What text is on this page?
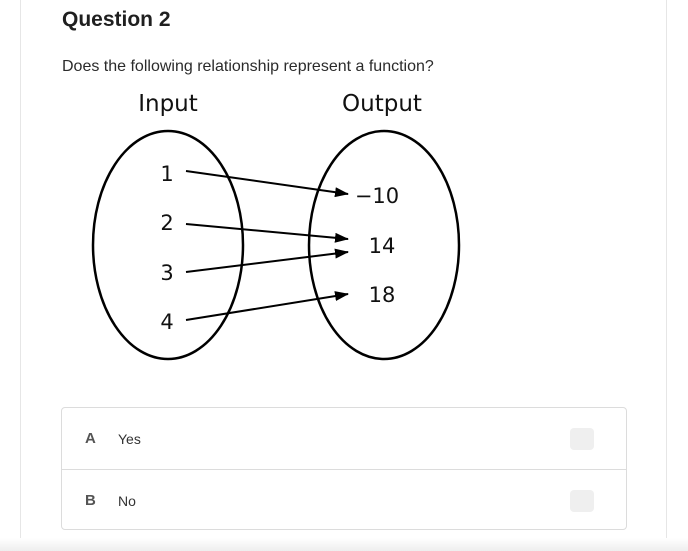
Question 2
Does the following relationship represent a function?
Input	Output
1
2
3
4
−10
14
18
A Yes
B No
